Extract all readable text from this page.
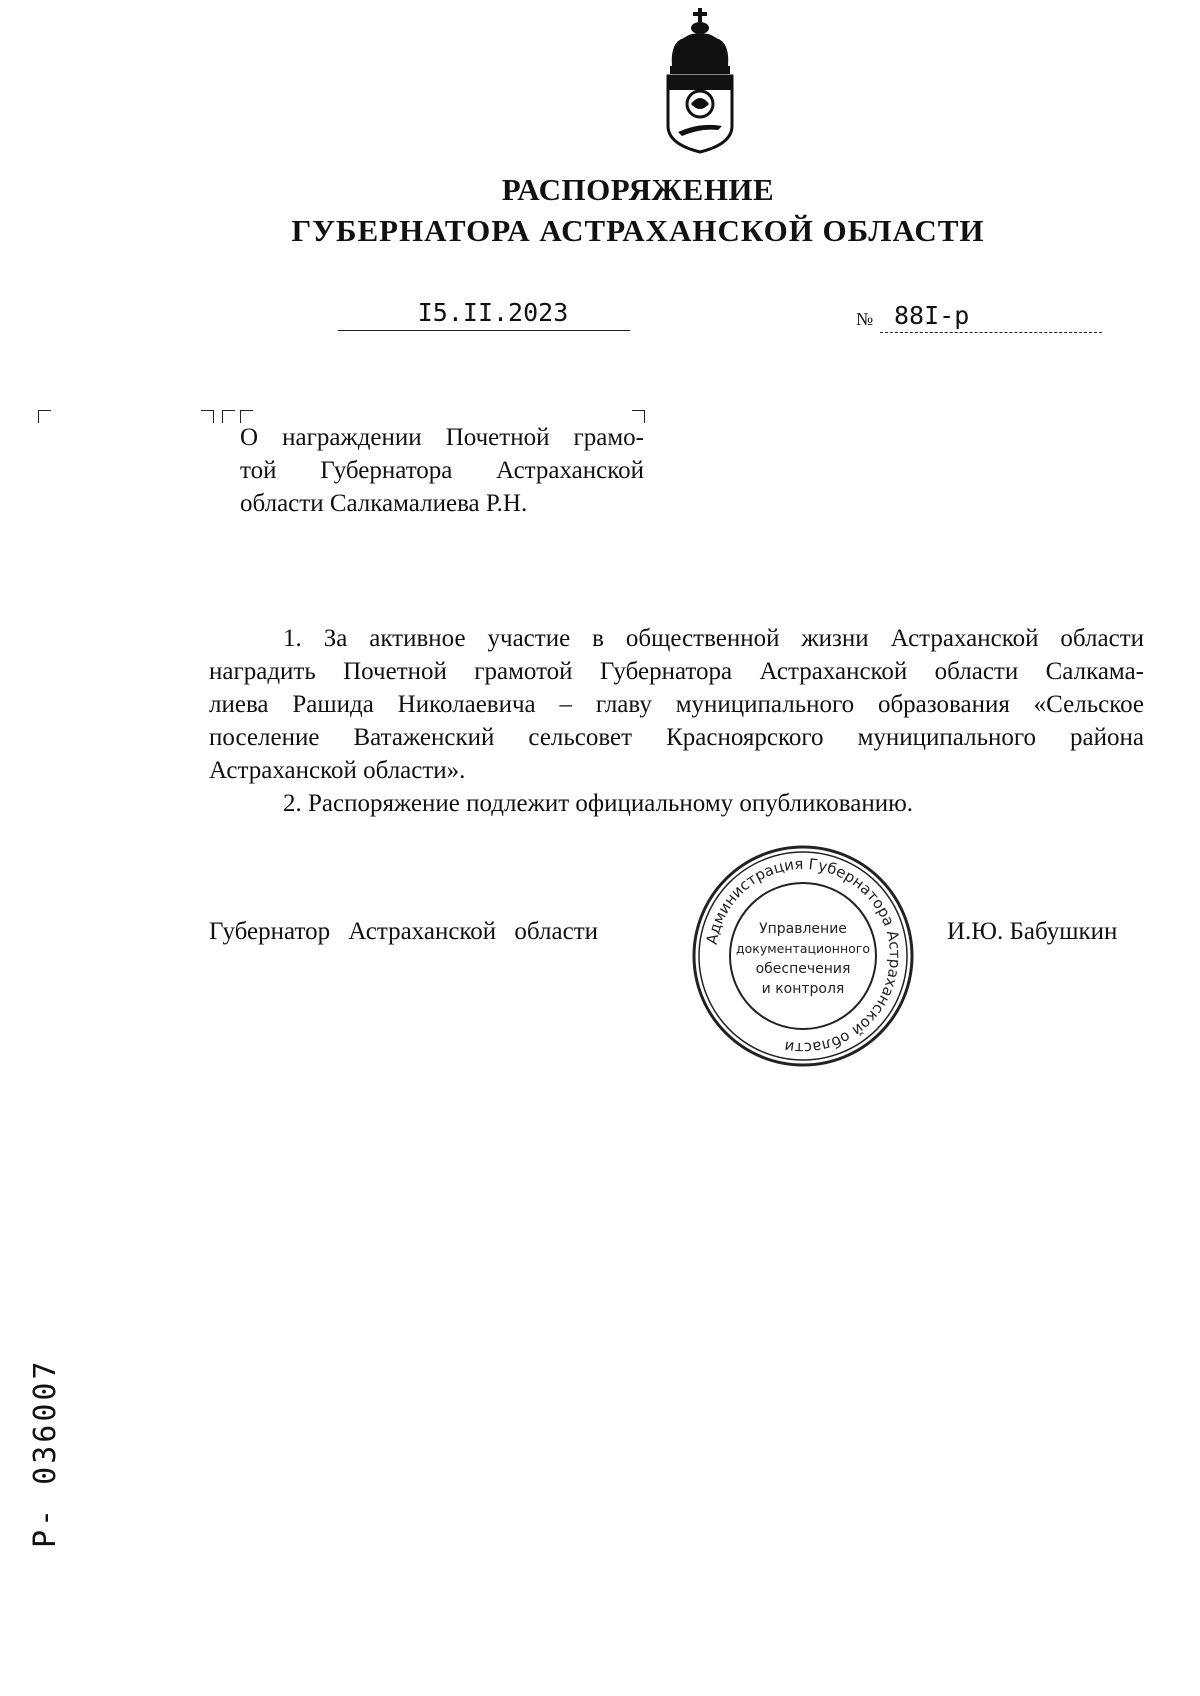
РАСПОРЯЖЕНИЕ
ГУБЕРНАТОРА АСТРАХАНСКОЙ ОБЛАСТИ
I5.II.2023	№ 88I-р
О награждении Почетной грамо-
той Губернатора Астраханской
области Салкамалиева Р.Н.
1. За активное участие в общественной жизни Астраханской области
наградить Почетной грамотой Губернатора Астраханской области Салкама-
лиева Рашида Николаевича – главу муниципального образования «Сельское
поселение Ватаженский сельсовет Красноярского муниципального района
Астраханской области».
2. Распоряжение подлежит официальному опубликованию.
Губернатор Астраханской области	И.Ю. Бабушкин
Администрация Губернатора Астраханской области
Управление
документационного
обеспечения
и контроля
Р- 036007
